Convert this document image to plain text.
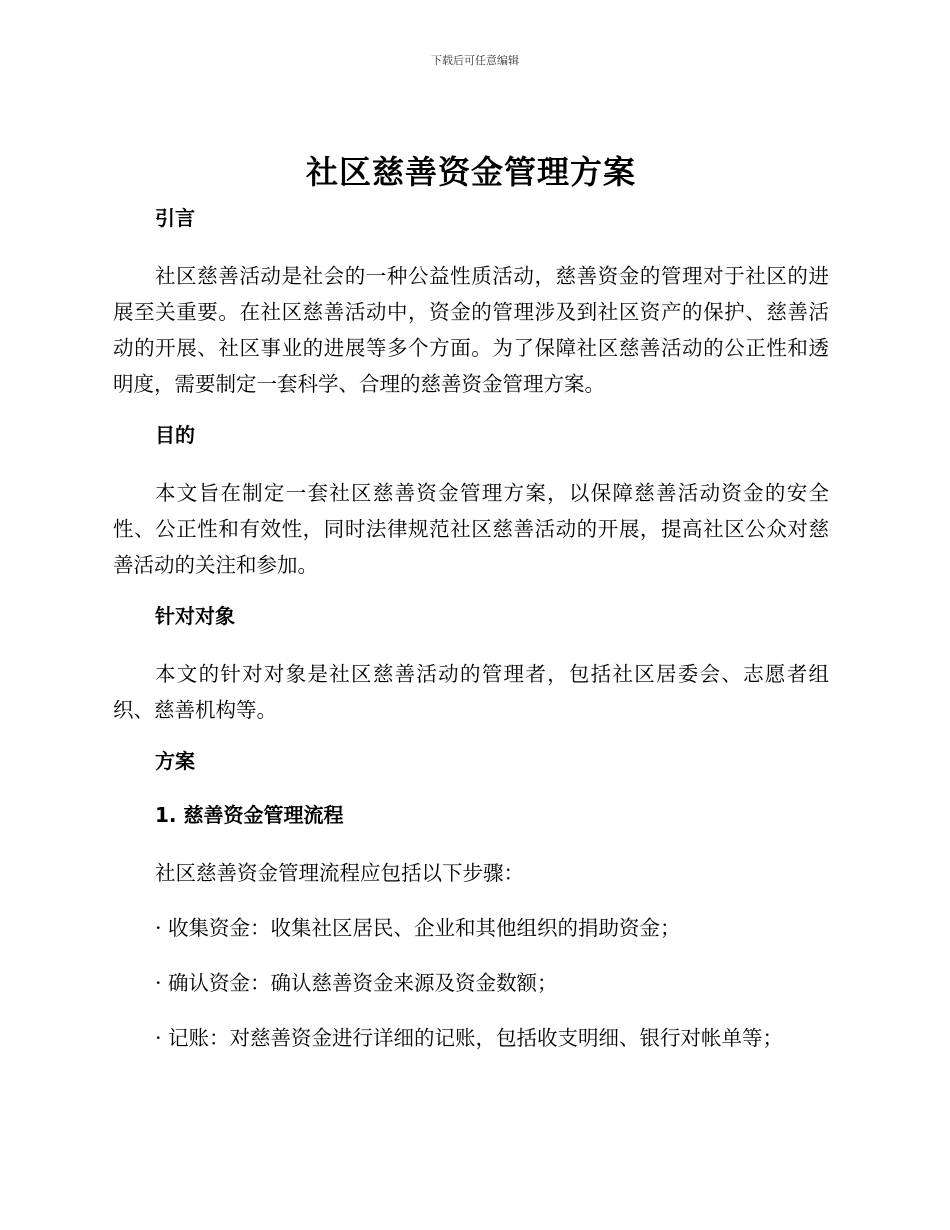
下载后可任意编辑
社区慈善资金管理方案
引言

社区慈善活动是社会的一种公益性质活动，慈善资金的管理对于社区的进展至关重要。在社区慈善活动中，资金的管理涉及到社区资产的保护、慈善活动的开展、社区事业的进展等多个方面。为了保障社区慈善活动的公正性和透明度，需要制定一套科学、合理的慈善资金管理方案。

目的

本文旨在制定一套社区慈善资金管理方案，以保障慈善活动资金的安全性、公正性和有效性，同时法律规范社区慈善活动的开展，提高社区公众对慈善活动的关注和参加。

针对对象

本文的针对对象是社区慈善活动的管理者，包括社区居委会、志愿者组织、慈善机构等。

方案
1. 慈善资金管理流程

社区慈善资金管理流程应包括以下步骤：

· 收集资金：收集社区居民、企业和其他组织的捐助资金；

· 确认资金：确认慈善资金来源及资金数额；

· 记账：对慈善资金进行详细的记账，包括收支明细、银行对帐单等；
